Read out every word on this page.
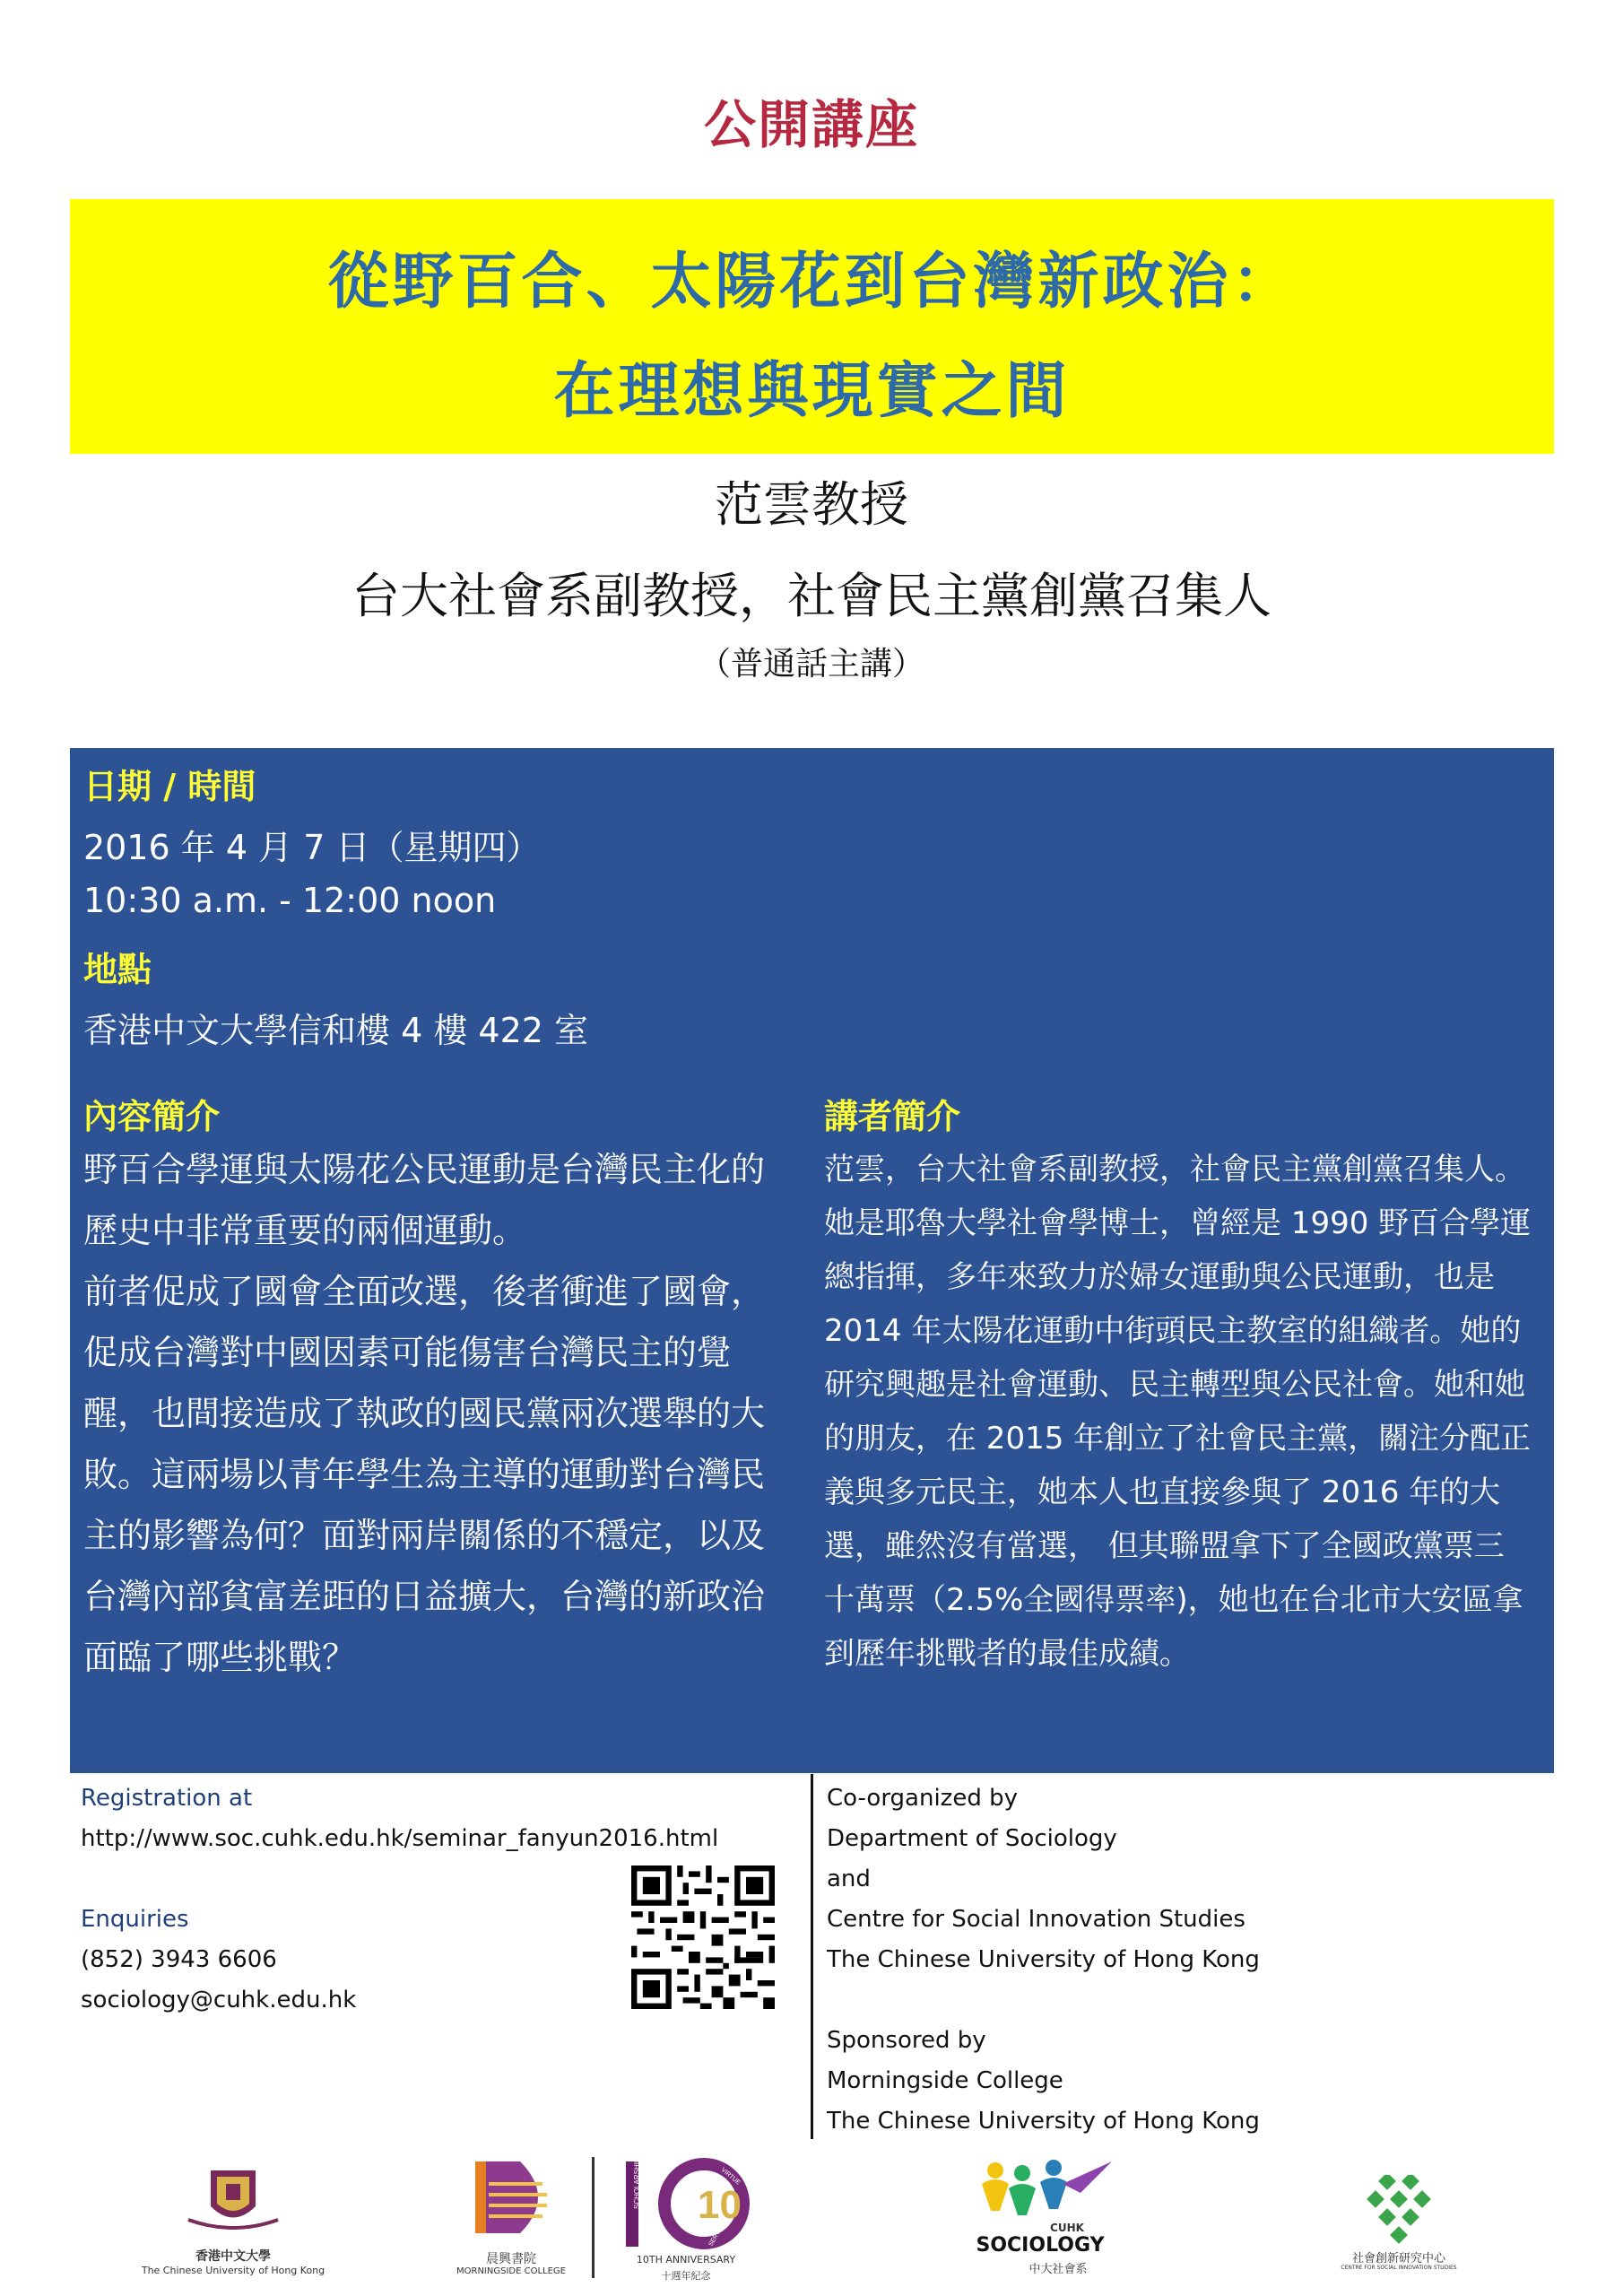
公開講座
從野百合、太陽花到台灣新政治：
在理想與現實之間
范雲教授
台大社會系副教授，社會民主黨創黨召集人
（普通話主講）
日期 / 時間
2016 年 4 月 7 日（星期四）
10:30 a.m. - 12:00 noon
地點
香港中文大學信和樓 4 樓 422 室
內容簡介
野百合學運與太陽花公民運動是台灣民主化的
歷史中非常重要的兩個運動。
前者促成了國會全面改選，後者衝進了國會，
促成台灣對中國因素可能傷害台灣民主的覺
醒，也間接造成了執政的國民黨兩次選舉的大
敗。這兩場以青年學生為主導的運動對台灣民
主的影響為何？面對兩岸關係的不穩定，以及
台灣內部貧富差距的日益擴大，台灣的新政治
面臨了哪些挑戰？
講者簡介
范雲，台大社會系副教授，社會民主黨創黨召集人。
她是耶魯大學社會學博士，曾經是 1990 野百合學運
總指揮，多年來致力於婦女運動與公民運動，也是
2014 年太陽花運動中街頭民主教室的組織者。她的
研究興趣是社會運動、民主轉型與公民社會。她和她
的朋友，在 2015 年創立了社會民主黨，關注分配正
義與多元民主，她本人也直接參與了 2016 年的大
選，雖然沒有當選， 但其聯盟拿下了全國政黨票三
十萬票（2.5%全國得票率)，她也在台北市大安區拿
到歷年挑戰者的最佳成績。
Registration at
http://www.soc.cuhk.edu.hk/seminar_fanyun2016.html
Enquiries
(852) 3943 6606
sociology@cuhk.edu.hk
Co-organized by
Department of Sociology
and
Centre for Social Innovation Studies
The Chinese University of Hong Kong
Sponsored by
Morningside College
The Chinese University of Hong Kong
香港中文大學
The Chinese University of Hong Kong
晨興書院
MORNINGSIDE COLLEGE
10
SCHOLARSHIP	VIRTUE
SERVICE
10TH ANNIVERSARY
十週年紀念
CUHK
SOCIOLOGY
中大社會系
社會創新研究中心
CENTRE FOR SOCIAL INNOVATION STUDIES
